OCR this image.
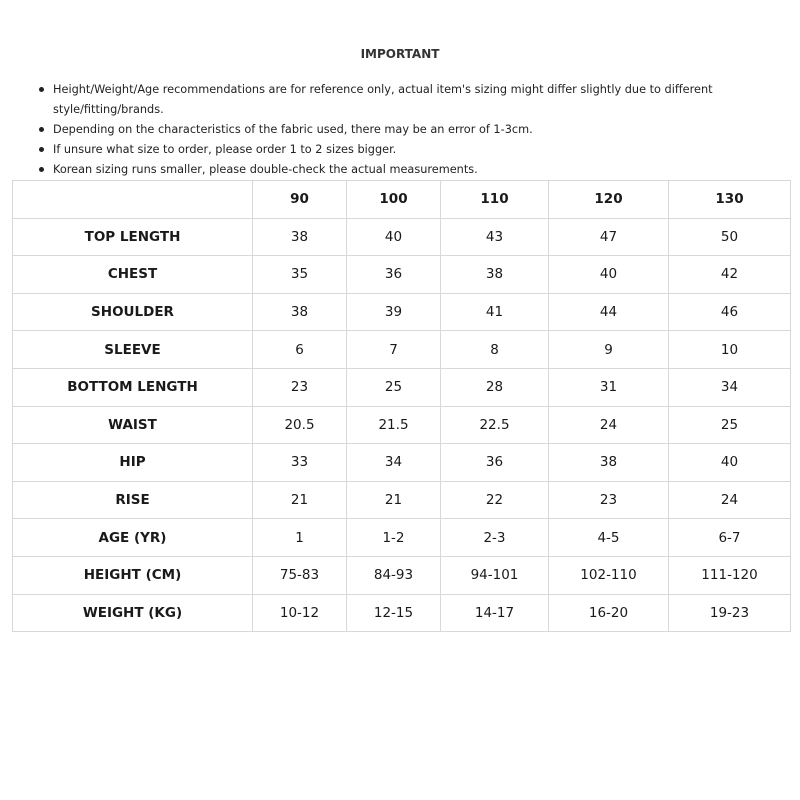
IMPORTANT
Height/Weight/Age recommendations are for reference only, actual item's sizing might differ slightly due to different style/fitting/brands.
Depending on the characteristics of the fabric used, there may be an error of 1-3cm.
If unsure what size to order, please order 1 to 2 sizes bigger.
Korean sizing runs smaller, please double-check the actual measurements.
	90	100	110	120	130
TOP LENGTH	38	40	43	47	50
CHEST	35	36	38	40	42
SHOULDER	38	39	41	44	46
SLEEVE	6	7	8	9	10
BOTTOM LENGTH	23	25	28	31	34
WAIST	20.5	21.5	22.5	24	25
HIP	33	34	36	38	40
RISE	21	21	22	23	24
AGE (YR)	1	1-2	2-3	4-5	6-7
HEIGHT (CM)	75-83	84-93	94-101	102-110	111-120
WEIGHT (KG)	10-12	12-15	14-17	16-20	19-23
